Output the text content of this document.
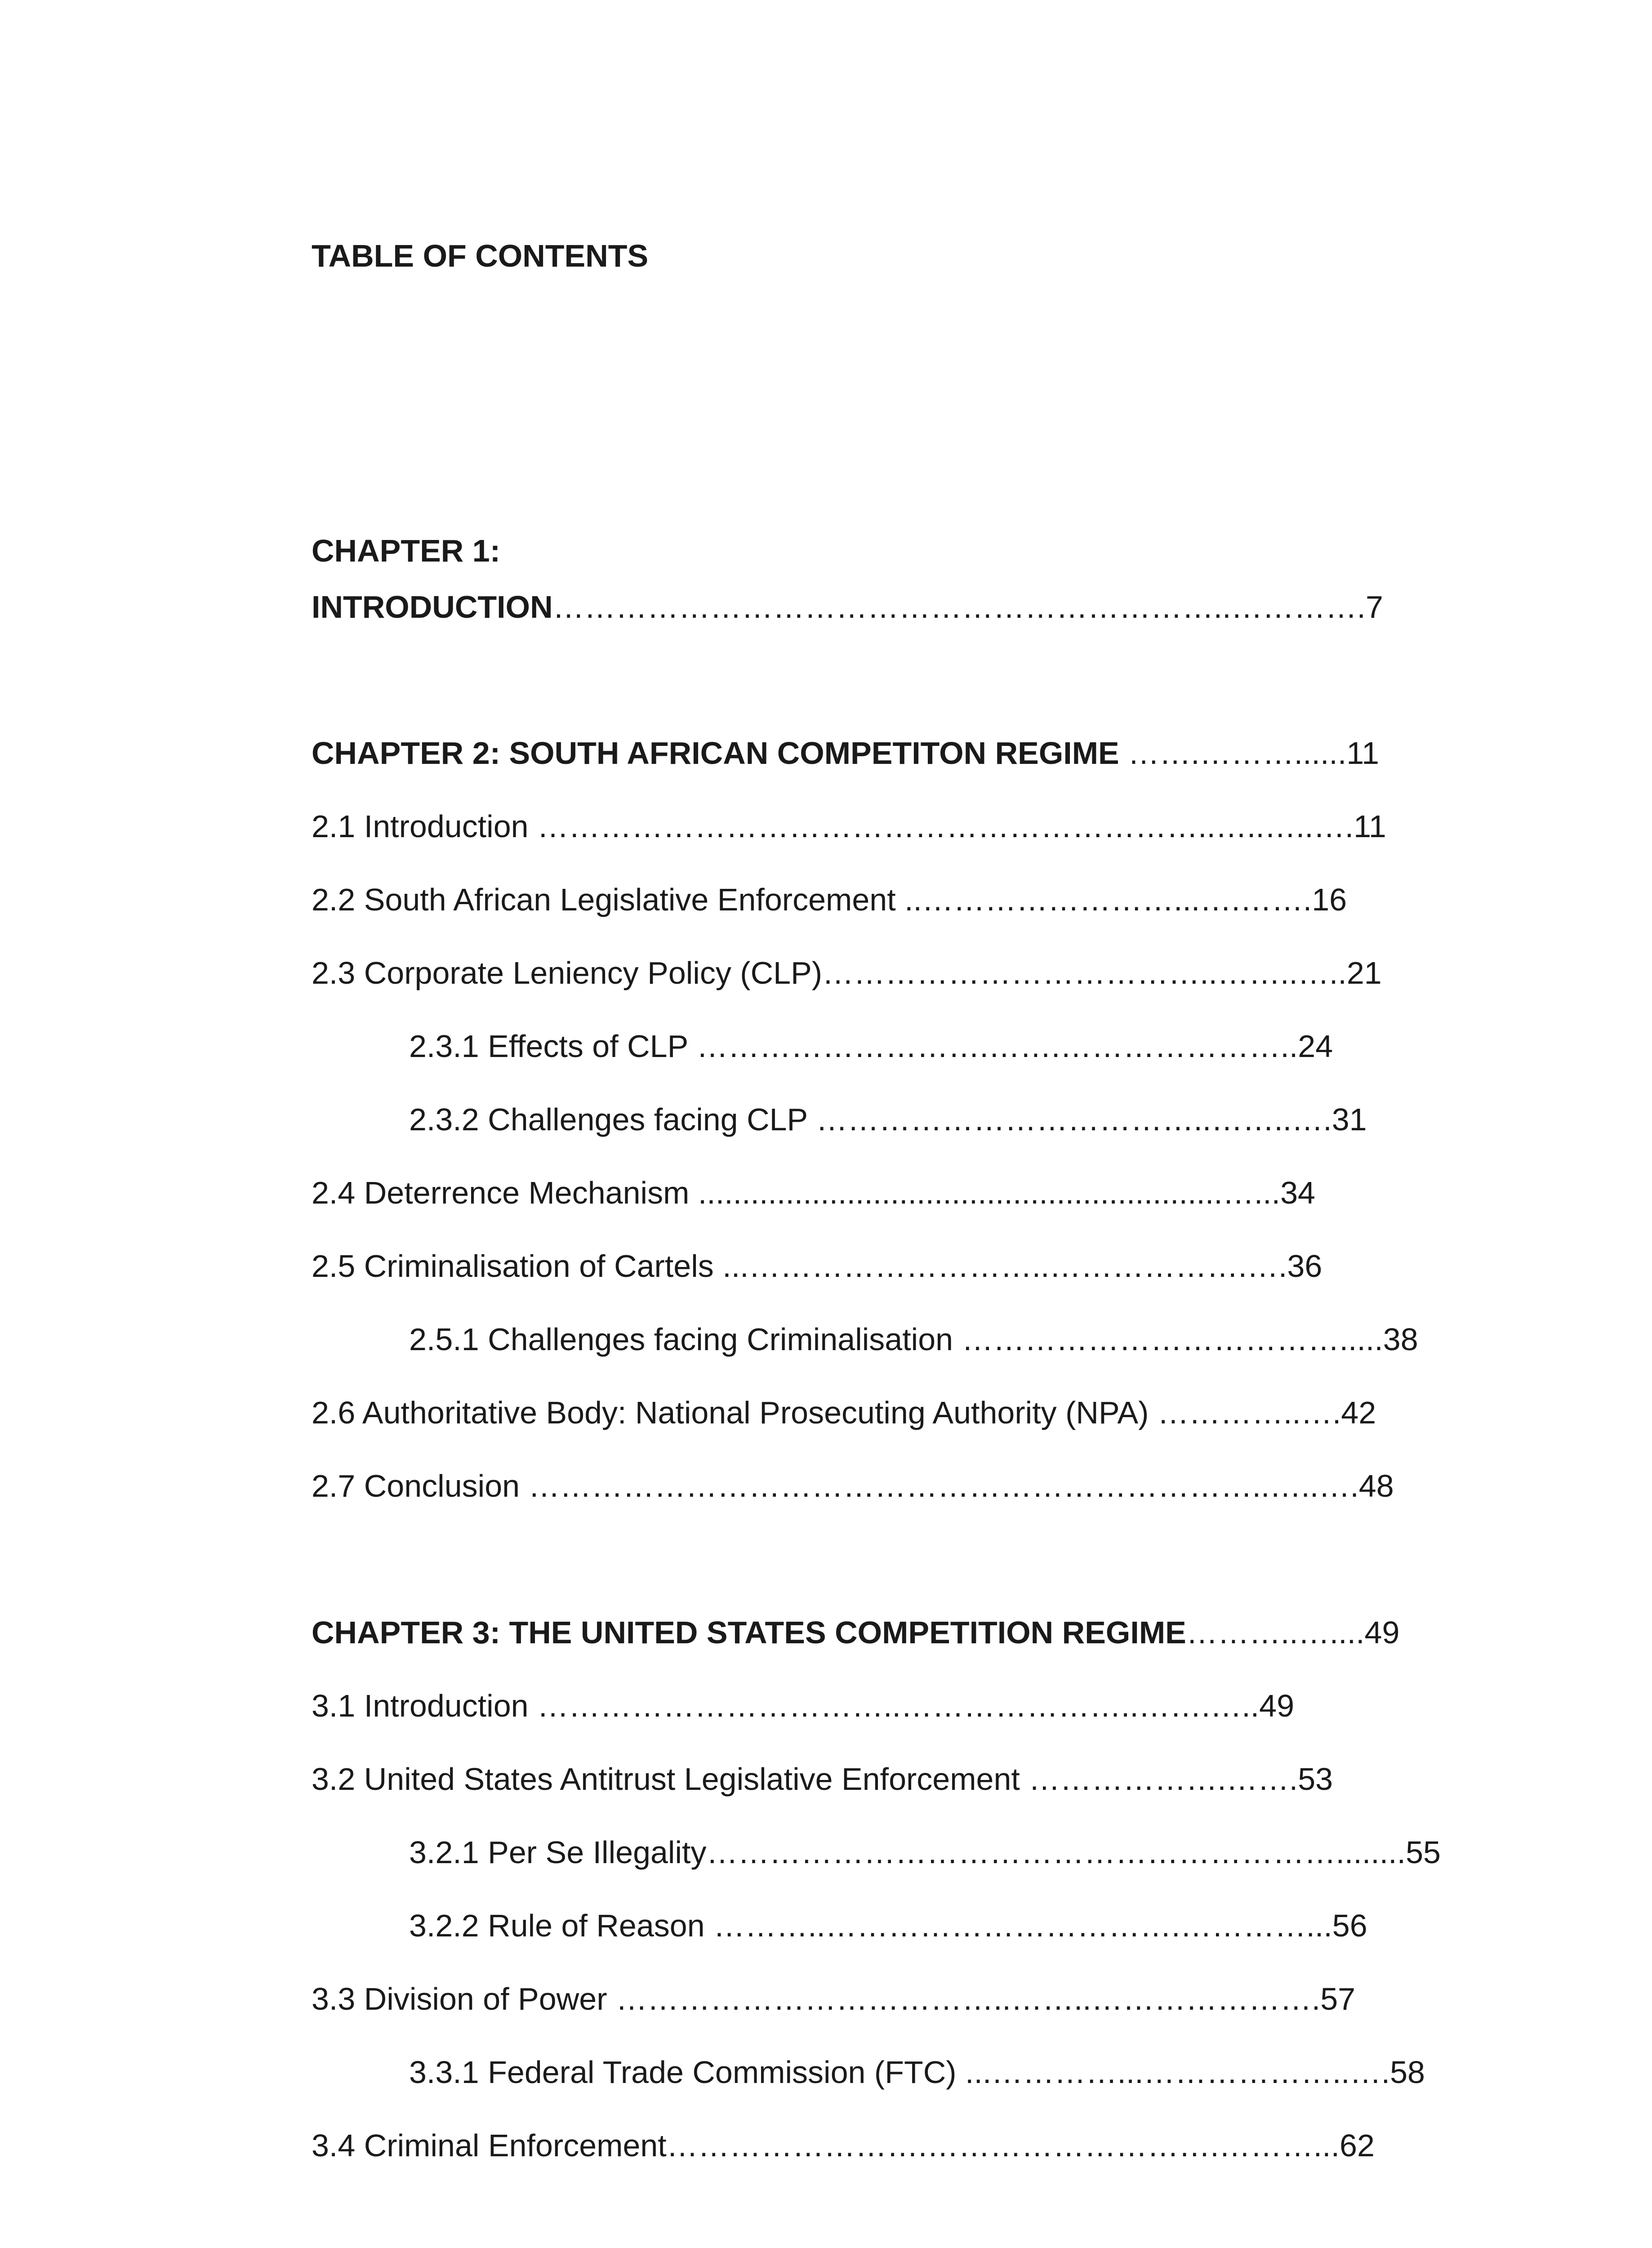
TABLE OF CONTENTS
CHAPTER 1:
INTRODUCTION………………………………………………………..………….7
CHAPTER 2: SOUTH AFRICAN COMPETITON REGIME …….………......11
2.1 Introduction ………………………………………………………..…..…..….11
2.2 South African Legislative Enforcement ..……………………...….…….16
2.3 Corporate Leniency Policy (CLP)………………………………..……..…..21
2.3.1 Effects of CLP ……………………….…….…………………..24
2.3.2 Challenges facing CLP ………………………………..……..….31
2.4 Deterrence Mechanism ............................................................…...34
2.5 Criminalisation of Cartels ...………………………..……………….….36
2.5.1 Challenges facing Criminalisation ……………………………….....38
2.6 Authoritative Body: National Prosecuting Authority (NPA) …………..….42
2.7 Conclusion ……………………………………………………………..…..….48
CHAPTER 3: THE UNITED STATES COMPETITION REGIME………..…....49
3.1 Introduction ……………………………..…………………..…….…..49
3.2 United States Antitrust Legislative Enforcement ……………….…….53
3.2.1 Per Se Illegality……………………………………………………........55
3.2.2 Rule of Reason ………..…………………………….…………...56
3.3 Division of Power ………………………………..……..………………….57
3.3.1 Federal Trade Commission (FTC) ...…………...………………..….58
3.4 Criminal Enforcement…………………….……………………….………...62
